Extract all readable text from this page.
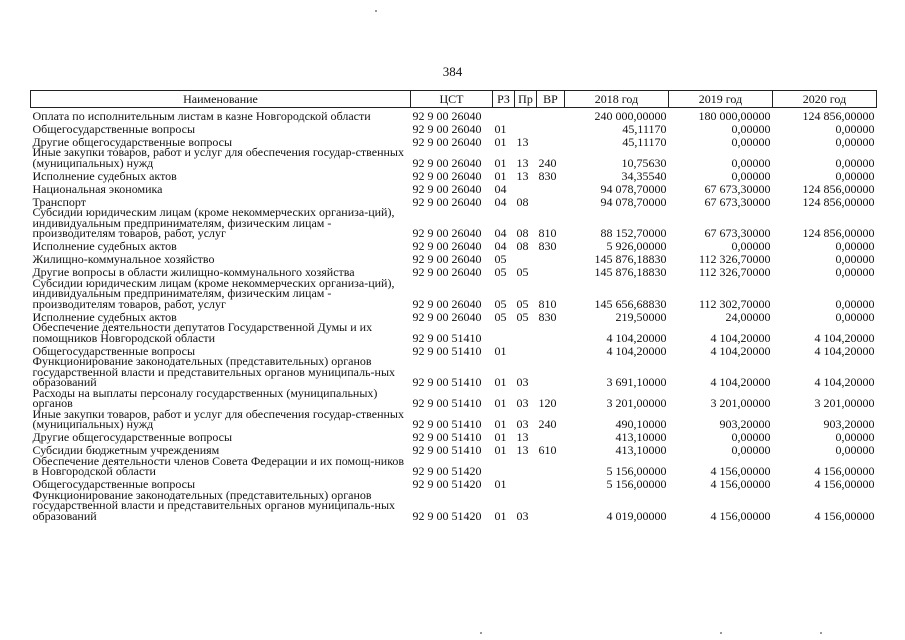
384
Наименование	ЦСТ	РЗ	Пр	ВР	2018 год	2019 год	2020 год
Оплата по исполнительным листам в казне Новгородской области	92 9 00 26040				240 000,00000	180 000,00000	124 856,00000
Общегосударственные вопросы	92 9 00 26040	01			45,11170	0,00000	0,00000
Другие общегосударственные вопросы	92 9 00 26040	01	13		45,11170	0,00000	0,00000
Иные закупки товаров, работ и услуг для обеспечения государ-ственных (муниципальных) нужд	92 9 00 26040	01	13	240	10,75630	0,00000	0,00000
Исполнение судебных актов	92 9 00 26040	01	13	830	34,35540	0,00000	0,00000
Национальная экономика	92 9 00 26040	04			94 078,70000	67 673,30000	124 856,00000
Транспорт	92 9 00 26040	04	08		94 078,70000	67 673,30000	124 856,00000
Субсидии юридическим лицам (кроме некоммерческих организа-ций), индивидуальным предпринимателям, физическим лицам - производителям товаров, работ, услуг	92 9 00 26040	04	08	810	88 152,70000	67 673,30000	124 856,00000
Исполнение судебных актов	92 9 00 26040	04	08	830	5 926,00000	0,00000	0,00000
Жилищно-коммунальное хозяйство	92 9 00 26040	05			145 876,18830	112 326,70000	0,00000
Другие вопросы в области жилищно-коммунального хозяйства	92 9 00 26040	05	05		145 876,18830	112 326,70000	0,00000
Субсидии юридическим лицам (кроме некоммерческих организа-ций), индивидуальным предпринимателям, физическим лицам - производителям товаров, работ, услуг	92 9 00 26040	05	05	810	145 656,68830	112 302,70000	0,00000
Исполнение судебных актов	92 9 00 26040	05	05	830	219,50000	24,00000	0,00000
Обеспечение деятельности депутатов Государственной Думы и их помощников Новгородской области	92 9 00 51410				4 104,20000	4 104,20000	4 104,20000
Общегосударственные вопросы	92 9 00 51410	01			4 104,20000	4 104,20000	4 104,20000
Функционирование законодательных (представительных) органов государственной власти и представительных органов муниципаль-ных образований	92 9 00 51410	01	03		3 691,10000	4 104,20000	4 104,20000
Расходы на выплаты персоналу государственных (муниципальных) органов	92 9 00 51410	01	03	120	3 201,00000	3 201,00000	3 201,00000
Иные закупки товаров, работ и услуг для обеспечения государ-ственных (муниципальных) нужд	92 9 00 51410	01	03	240	490,10000	903,20000	903,20000
Другие общегосударственные вопросы	92 9 00 51410	01	13		413,10000	0,00000	0,00000
Субсидии бюджетным учреждениям	92 9 00 51410	01	13	610	413,10000	0,00000	0,00000
Обеспечение деятельности членов Совета Федерации и их помощ-ников в Новгородской области	92 9 00 51420				5 156,00000	4 156,00000	4 156,00000
Общегосударственные вопросы	92 9 00 51420	01			5 156,00000	4 156,00000	4 156,00000
Функционирование законодательных (представительных) органов государственной власти и представительных органов муниципаль-ных образований	92 9 00 51420	01	03		4 019,00000	4 156,00000	4 156,00000
